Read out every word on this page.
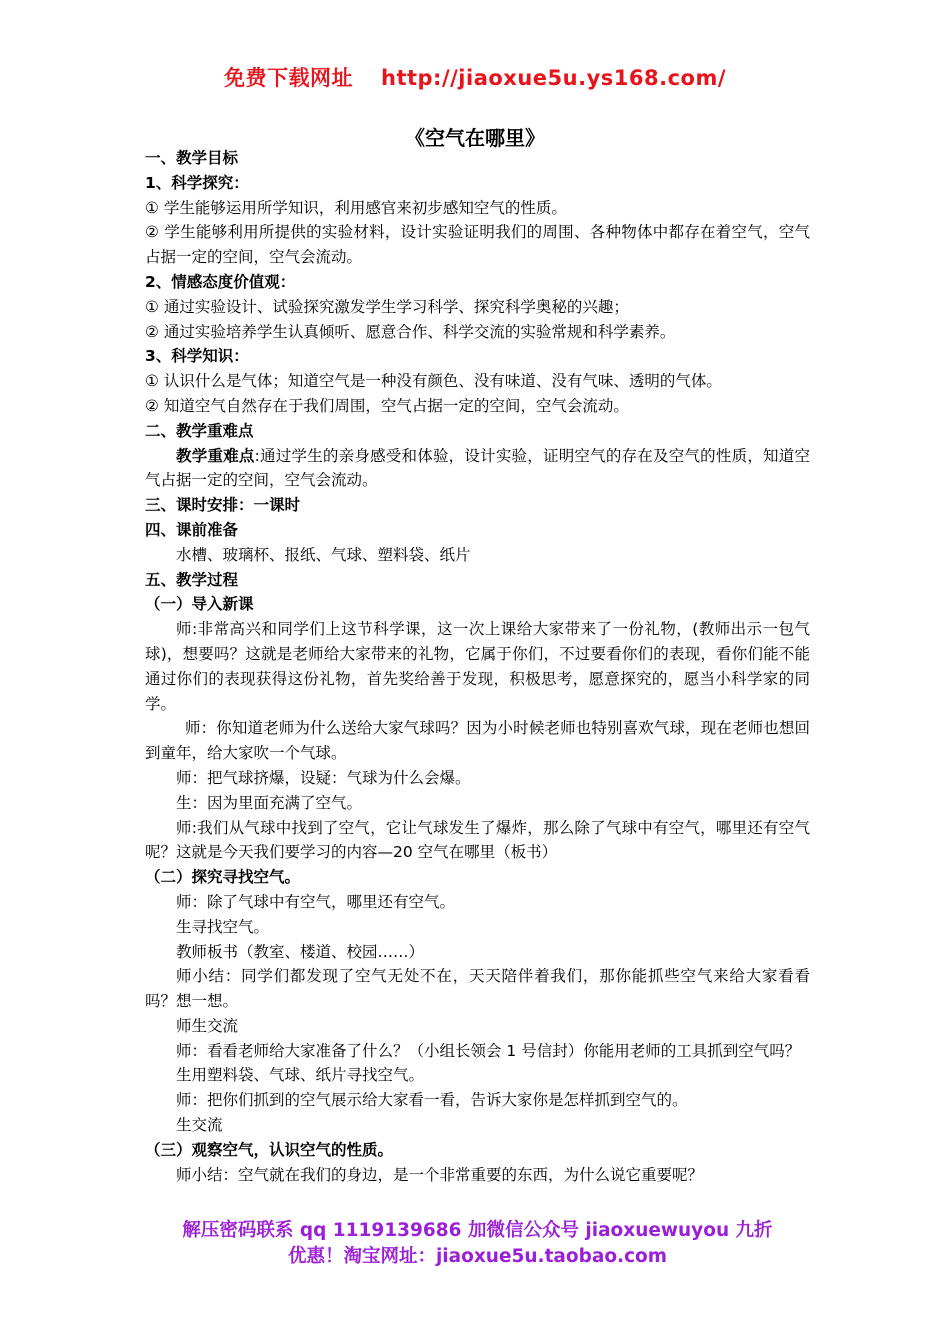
免费下载网址 http://jiaoxue5u.ys168.com/
《空气在哪里》

一、教学目标

1、科学探究：

① 学生能够运用所学知识，利用感官来初步感知空气的性质。

② 学生能够利用所提供的实验材料，设计实验证明我们的周围、各种物体中都存在着空气，空气占据一定的空间，空气会流动。

2、情感态度价值观：

① 通过实验设计、试验探究激发学生学习科学、探究科学奥秘的兴趣；

② 通过实验培养学生认真倾听、愿意合作、科学交流的实验常规和科学素养。

3、科学知识：

① 认识什么是气体；知道空气是一种没有颜色、没有味道、没有气味、透明的气体。

② 知道空气自然存在于我们周围，空气占据一定的空间，空气会流动。

二、教学重难点

教学重难点:通过学生的亲身感受和体验，设计实验，证明空气的存在及空气的性质，知道空气占据一定的空间，空气会流动。

三、课时安排：一课时

四、课前准备

水槽、玻璃杯、报纸、气球、塑料袋、纸片

五、教学过程

（一）导入新课

师:非常高兴和同学们上这节科学课，这一次上课给大家带来了一份礼物，(教师出示一包气球)，想要吗？这就是老师给大家带来的礼物，它属于你们，不过要看你们的表现，看你们能不能通过你们的表现获得这份礼物，首先奖给善于发现，积极思考，愿意探究的，愿当小科学家的同学。

师：你知道老师为什么送给大家气球吗？因为小时候老师也特别喜欢气球，现在老师也想回到童年，给大家吹一个气球。

师：把气球挤爆，设疑：气球为什么会爆。

生：因为里面充满了空气。

师:我们从气球中找到了空气，它让气球发生了爆炸，那么除了气球中有空气，哪里还有空气呢？这就是今天我们要学习的内容—20 空气在哪里（板书）

（二）探究寻找空气。

师：除了气球中有空气，哪里还有空气。

生寻找空气。

教师板书（教室、楼道、校园……）

师小结：同学们都发现了空气无处不在，天天陪伴着我们，那你能抓些空气来给大家看看吗？想一想。

师生交流

师：看看老师给大家准备了什么？（小组长领会 1 号信封）你能用老师的工具抓到空气吗？

生用塑料袋、气球、纸片寻找空气。

师：把你们抓到的空气展示给大家看一看，告诉大家你是怎样抓到空气的。

生交流

（三）观察空气，认识空气的性质。

师小结：空气就在我们的身边，是一个非常重要的东西，为什么说它重要呢？

解压密码联系 qq 1119139686 加微信公众号 jiaoxuewuyou 九折
优惠！淘宝网址：jiaoxue5u.taobao.com
